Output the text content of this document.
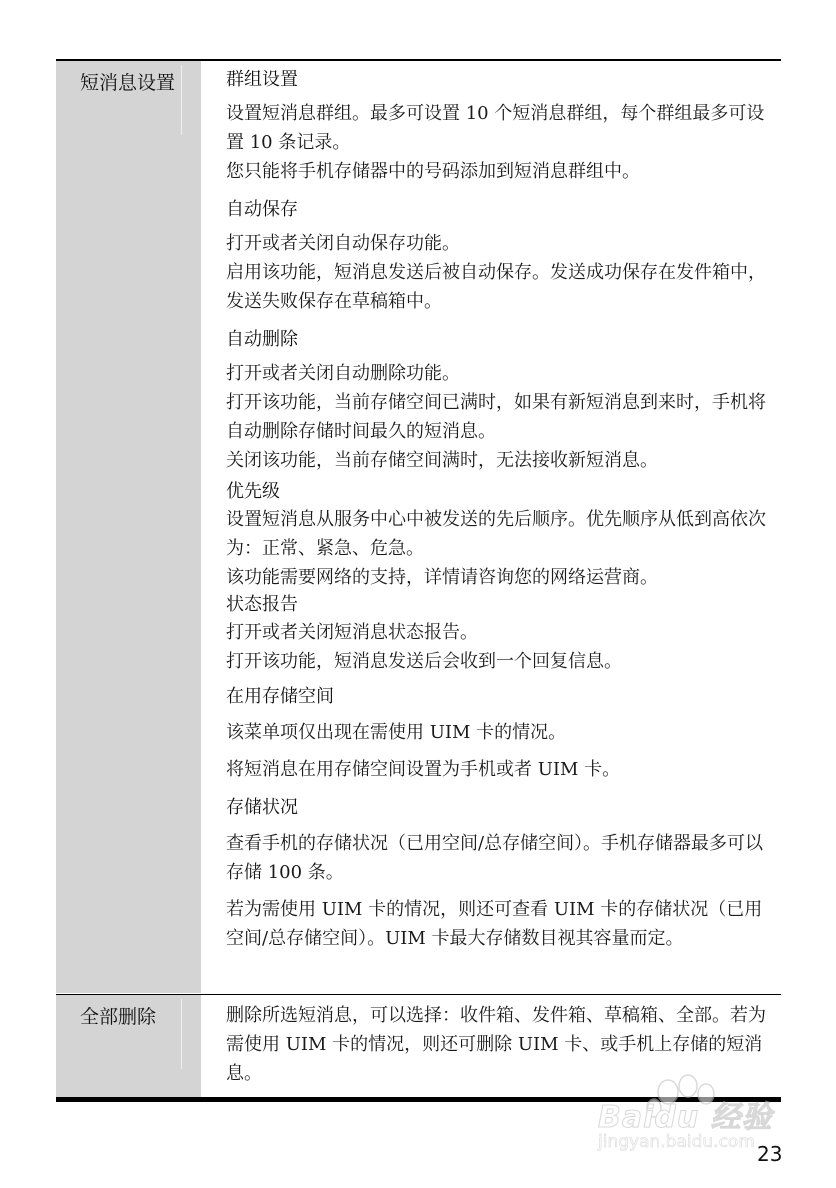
短消息设置	群组设置

设置短消息群组。最多可设置 10 个短消息群组，每个群组最多可设置 10 条记录。

您只能将手机存储器中的号码添加到短消息群组中。

自动保存

打开或者关闭自动保存功能。

启用该功能，短消息发送后被自动保存。发送成功保存在发件箱中，发送失败保存在草稿箱中。

自动删除

打开或者关闭自动删除功能。

打开该功能，当前存储空间已满时，如果有新短消息到来时，手机将自动删除存储时间最久的短消息。

关闭该功能，当前存储空间满时，无法接收新短消息。

优先级

设置短消息从服务中心中被发送的先后顺序。优先顺序从低到高依次为：正常、紧急、危急。

该功能需要网络的支持，详情请咨询您的网络运营商。

状态报告

打开或者关闭短消息状态报告。

打开该功能，短消息发送后会收到一个回复信息。

在用存储空间

该菜单项仅出现在需使用 UIM 卡的情况。

将短消息在用存储空间设置为手机或者 UIM 卡。

存储状况

查看手机的存储状况（已用空间/总存储空间）。手机存储器最多可以存储 100 条。

若为需使用 UIM 卡的情况，则还可查看 UIM 卡的存储状况（已用空间/总存储空间）。UIM 卡最大存储数目视其容量而定。

全部删除	删除所选短消息，可以选择：收件箱、发件箱、草稿箱、全部。若为需使用 UIM 卡的情况，则还可删除 UIM 卡、或手机上存储的短消息。

Baidu 经验
jingyan.baidu.com 23
